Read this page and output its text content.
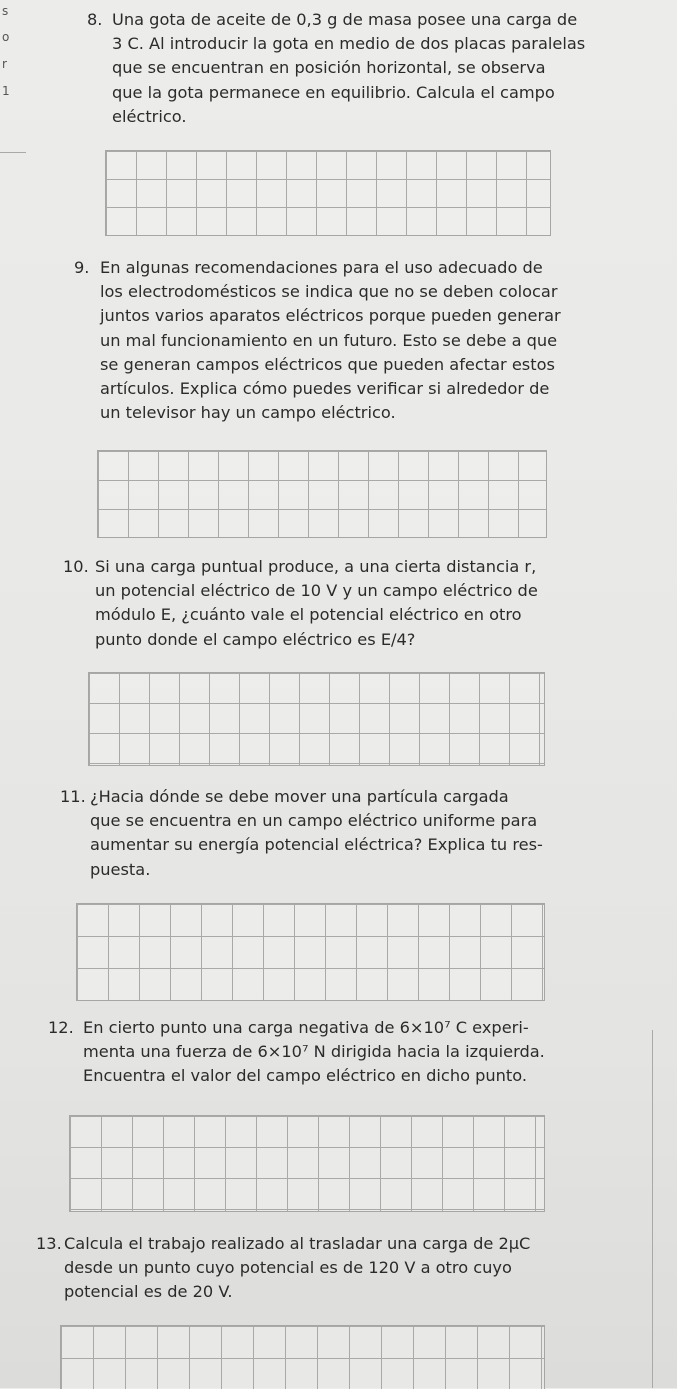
s
o
r
1
8. Una gota de aceite de 0,3 g de masa posee una carga de
3 C. Al introducir la gota en medio de dos placas paralelas
que se encuentran en posición horizontal, se observa
que la gota permanece en equilibrio. Calcula el campo
eléctrico.
9. En algunas recomendaciones para el uso adecuado de
los electrodomésticos se indica que no se deben colocar
juntos varios aparatos eléctricos porque pueden generar
un mal funcionamiento en un futuro. Esto se debe a que
se generan campos eléctricos que pueden afectar estos
artículos. Explica cómo puedes verificar si alrededor de
un televisor hay un campo eléctrico.
10. Si una carga puntual produce, a una cierta distancia r,
un potencial eléctrico de 10 V y un campo eléctrico de
módulo E, ¿cuánto vale el potencial eléctrico en otro
punto donde el campo eléctrico es E/4?
11. ¿Hacia dónde se debe mover una partícula cargada
que se encuentra en un campo eléctrico uniforme para
aumentar su energía potencial eléctrica? Explica tu res-
puesta.
12. En cierto punto una carga negativa de 6×10⁷ C experi-
menta una fuerza de 6×10⁷ N dirigida hacia la izquierda.
Encuentra el valor del campo eléctrico en dicho punto.
13. Calcula el trabajo realizado al trasladar una carga de 2μC
desde un punto cuyo potencial es de 120 V a otro cuyo
potencial es de 20 V.
